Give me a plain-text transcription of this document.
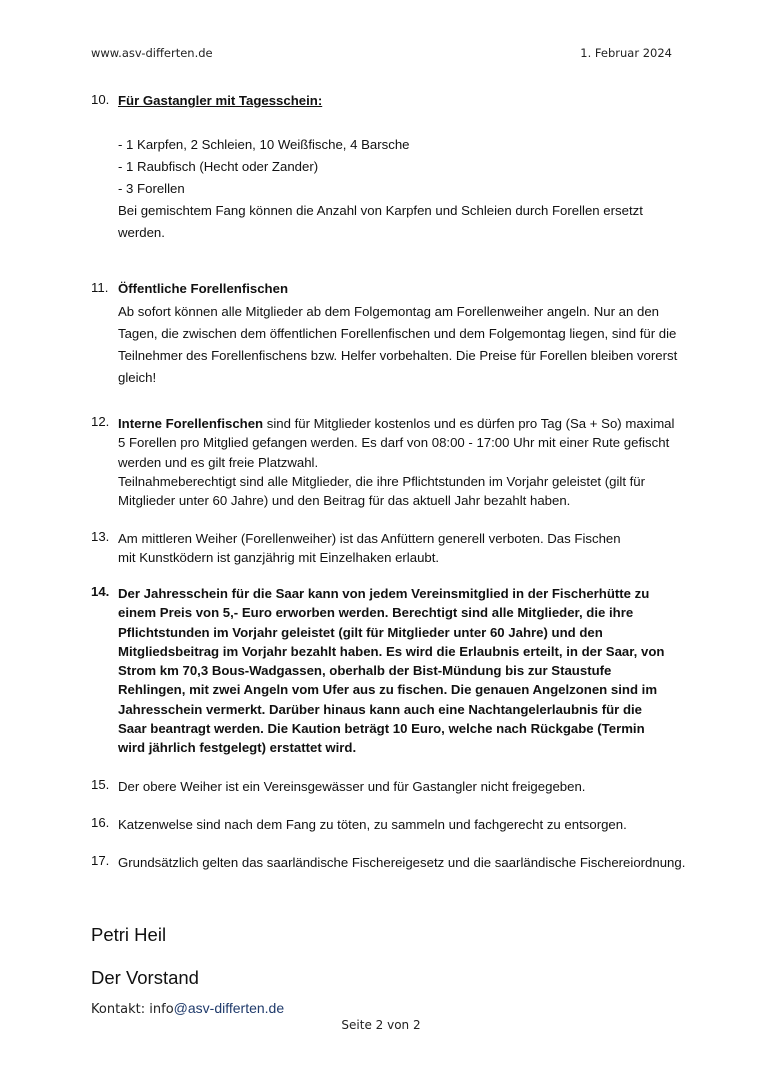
www.asv-differten.de	1. Februar 2024
10. Für Gastangler mit Tagesschein:
- 1 Karpfen, 2 Schleien, 10 Weißfische, 4 Barsche
- 1 Raubfisch (Hecht oder Zander)
- 3 Forellen
Bei gemischtem Fang können die Anzahl von Karpfen und Schleien durch Forellen ersetzt werden.
11. Öffentliche Forellenfischen
Ab sofort können alle Mitglieder ab dem Folgemontag am Forellenweiher angeln. Nur an den Tagen, die zwischen dem öffentlichen Forellenfischen und dem Folgemontag liegen, sind für die Teilnehmer des Forellenfischens bzw. Helfer vorbehalten. Die Preise für Forellen bleiben vorerst gleich!
12. Interne Forellenfischen sind für Mitglieder kostenlos und es dürfen pro Tag (Sa + So) maximal 5 Forellen pro Mitglied gefangen werden. Es darf von 08:00 - 17:00 Uhr mit einer Rute gefischt werden und es gilt freie Platzwahl.
Teilnahmeberechtigt sind alle Mitglieder, die ihre Pflichtstunden im Vorjahr geleistet (gilt für Mitglieder unter 60 Jahre) und den Beitrag für das aktuell Jahr bezahlt haben.
13. Am mittleren Weiher (Forellenweiher) ist das Anfüttern generell verboten. Das Fischen mit Kunstködern ist ganzjährig mit Einzelhaken erlaubt.
14. Der Jahresschein für die Saar kann von jedem Vereinsmitglied in der Fischerhütte zu einem Preis von 5,- Euro erworben werden. Berechtigt sind alle Mitglieder, die ihre Pflichtstunden im Vorjahr geleistet (gilt für Mitglieder unter 60 Jahre) und den Mitgliedsbeitrag im Vorjahr bezahlt haben. Es wird die Erlaubnis erteilt, in der Saar, von Strom km 70,3 Bous-Wadgassen, oberhalb der Bist-Mündung bis zur Staustufe Rehlingen, mit zwei Angeln vom Ufer aus zu fischen. Die genauen Angelzonen sind im Jahresschein vermerkt. Darüber hinaus kann auch eine Nachtangelerlaubnis für die Saar beantragt werden. Die Kaution beträgt 10 Euro, welche nach Rückgabe (Termin wird jährlich festgelegt) erstattet wird.
15. Der obere Weiher ist ein Vereinsgewässer und für Gastangler nicht freigegeben.
16. Katzenwelse sind nach dem Fang zu töten, zu sammeln und fachgerecht zu entsorgen.
17. Grundsätzlich gelten das saarländische Fischereigesetz und die saarländische Fischereiordnung.
Petri Heil
Der Vorstand
Kontakt: info@asv-differten.de
Seite 2 von 2
